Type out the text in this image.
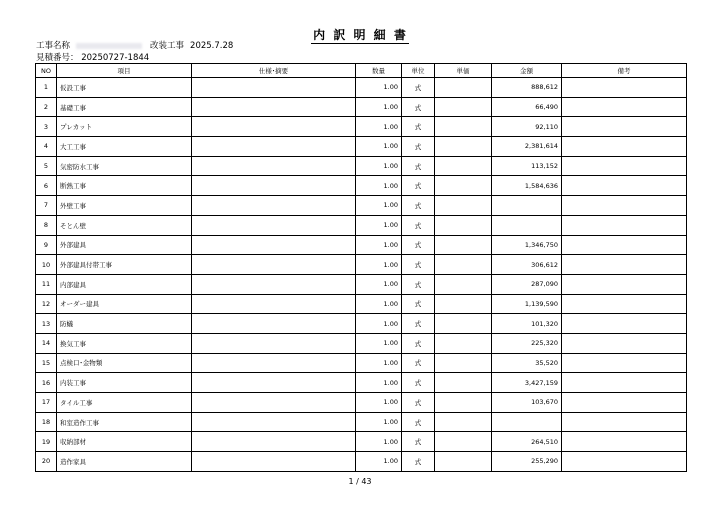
内 訳 明 細 書
工事名称	改装工事 2025.7.28
見積番号： 20250727-1844
NO	項目	仕様･摘要	数量	単位	単価	金額	備考
1	仮設工事		1.00	式		888,612	
2	基礎工事		1.00	式		66,490	
3	プレカット		1.00	式		92,110	
4	大工工事		1.00	式		2,381,614	
5	気密防水工事		1.00	式		113,152	
6	断熱工事		1.00	式		1,584,636	
7	外壁工事		1.00	式			
8	そとん壁		1.00	式			
9	外部建具		1.00	式		1,346,750	
10	外部建具付帯工事		1.00	式		306,612	
11	内部建具		1.00	式		287,090	
12	オーダー建具		1.00	式		1,139,590	
13	防蟻		1.00	式		101,320	
14	換気工事		1.00	式		225,320	
15	点検口･金物類		1.00	式		35,520	
16	内装工事		1.00	式		3,427,159	
17	タイル工事		1.00	式		103,670	
18	和室造作工事		1.00	式			
19	収納部材		1.00	式		264,510	
20	造作家具		1.00	式		255,290	
1 / 43
